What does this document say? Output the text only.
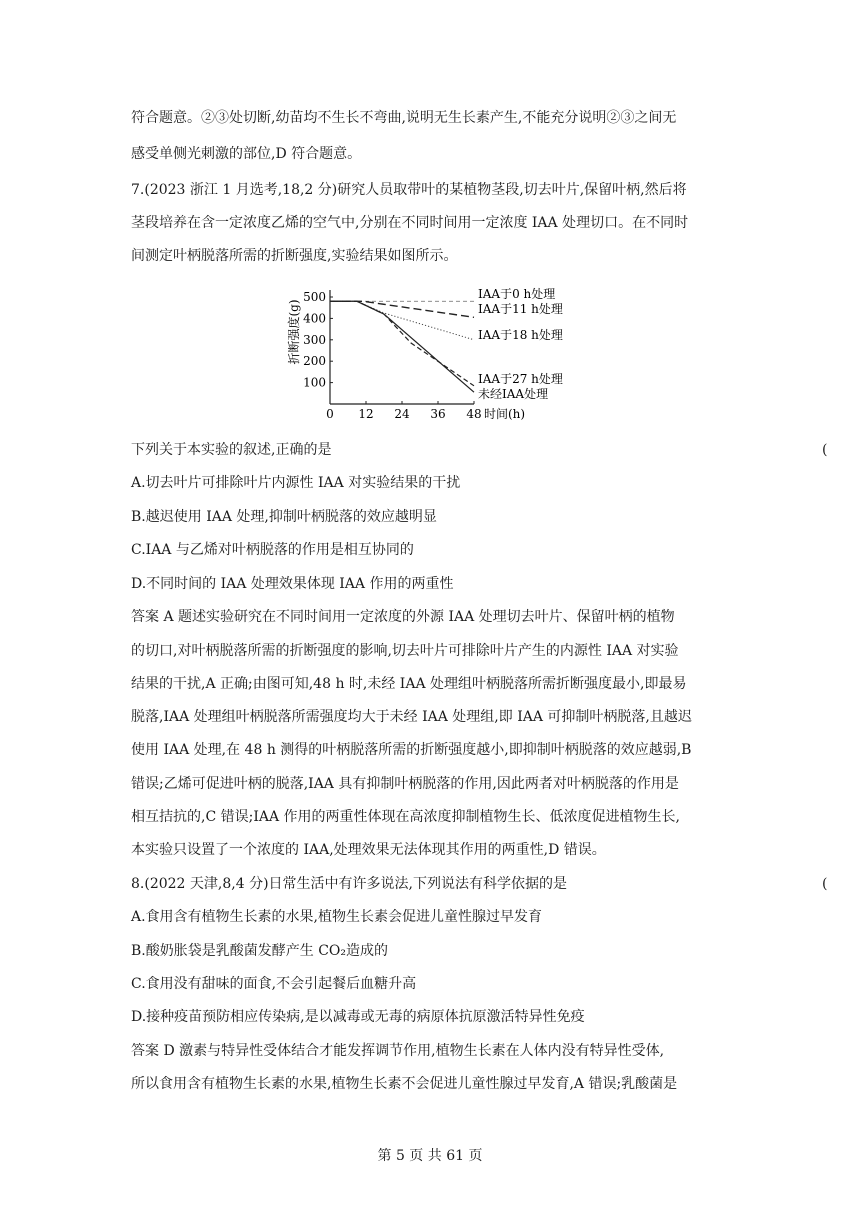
符合题意。②③处切断,幼苗均不生长不弯曲,说明无生长素产生,不能充分说明②③之间无
感受单侧光刺激的部位,D 符合题意。
7.(2023 浙江 1 月选考,18,2 分)研究人员取带叶的某植物茎段,切去叶片,保留叶柄,然后将
茎段培养在含一定浓度乙烯的空气中,分别在不同时间用一定浓度 IAA 处理切口。在不同时
间测定叶柄脱落所需的折断强度,实验结果如图所示。
折断强度(g)
100
200
300
400
500
0 12 24 36 48 时间(h)
IAA于0 h处理
IAA于11 h处理
IAA于18 h处理
IAA于27 h处理
未经IAA处理
下列关于本实验的叙述,正确的是	(
A.切去叶片可排除叶片内源性 IAA 对实验结果的干扰
B.越迟使用 IAA 处理,抑制叶柄脱落的效应越明显
C.IAA 与乙烯对叶柄脱落的作用是相互协同的
D.不同时间的 IAA 处理效果体现 IAA 作用的两重性
答案 A 题述实验研究在不同时间用一定浓度的外源 IAA 处理切去叶片、保留叶柄的植物
的切口,对叶柄脱落所需的折断强度的影响,切去叶片可排除叶片产生的内源性 IAA 对实验
结果的干扰,A 正确;由图可知,48 h 时,未经 IAA 处理组叶柄脱落所需折断强度最小,即最易
脱落,IAA 处理组叶柄脱落所需强度均大于未经 IAA 处理组,即 IAA 可抑制叶柄脱落,且越迟
使用 IAA 处理,在 48 h 测得的叶柄脱落所需的折断强度越小,即抑制叶柄脱落的效应越弱,B
错误;乙烯可促进叶柄的脱落,IAA 具有抑制叶柄脱落的作用,因此两者对叶柄脱落的作用是
相互拮抗的,C 错误;IAA 作用的两重性体现在高浓度抑制植物生长、低浓度促进植物生长,
本实验只设置了一个浓度的 IAA,处理效果无法体现其作用的两重性,D 错误。
8.(2022 天津,8,4 分)日常生活中有许多说法,下列说法有科学依据的是	(
A.食用含有植物生长素的水果,植物生长素会促进儿童性腺过早发育
B.酸奶胀袋是乳酸菌发酵产生 CO₂造成的
C.食用没有甜味的面食,不会引起餐后血糖升高
D.接种疫苗预防相应传染病,是以减毒或无毒的病原体抗原激活特异性免疫
答案 D 激素与特异性受体结合才能发挥调节作用,植物生长素在人体内没有特异性受体,
所以食用含有植物生长素的水果,植物生长素不会促进儿童性腺过早发育,A 错误;乳酸菌是
第 5 页 共 61 页
